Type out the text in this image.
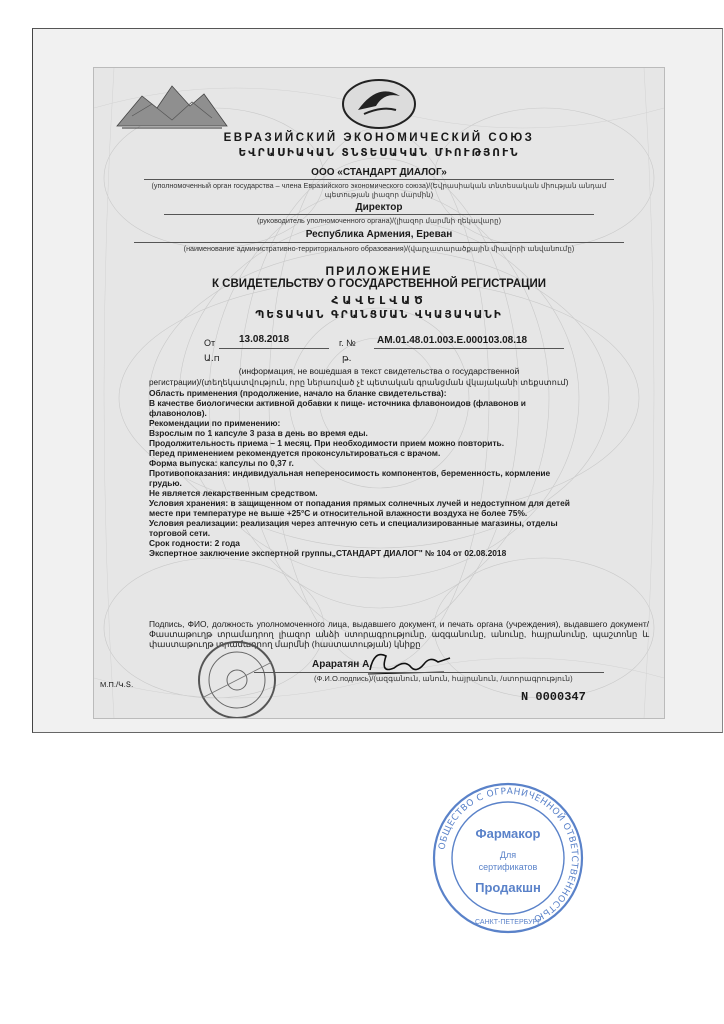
ЕВРАЗИЙСКИЙ ЭКОНОМИЧЕСКИЙ СОЮЗ
ԵՎՐԱՍԻԱԿԱՆ ՏՆՏԵՍԱԿԱՆ ՄԻՈՒԹՅՈՒՆ
ООО «СТАНДАРТ ДИАЛОГ»
(уполномоченный орган государства – члена Евразийского экономического союза)/(Եվրասիական տնտեսական միության անդամ
պետության լիազոր մարմին)
Директор
(руководитель уполномоченного органа)/(լիազոր մարմնի ղեկավարը)
Республика Армения, Ереван
(наименование административно-территориального образования)/(վարչատարածքային միավորի անվանումը)
ПРИЛОЖЕНИЕ
К СВИДЕТЕЛЬСТВУ О ГОСУДАРСТВЕННОЙ РЕГИСТРАЦИИ
ՀԱՎԵԼՎԱԾ
ՊԵՏԱԿԱՆ ԳՐԱՆՑՄԱՆ ՎԿԱՅԱԿԱՆԻ
От 13.08.2018	г. № AM.01.48.01.003.E.000103.08.18
Ա.п	թ.
(информация, не вошедшая в текст свидетельства о государственной
регистрации)/(տեղեկատվություն, որը ներառված չէ պետական գրանցման վկայականի տեքստում)
Область применения (продолжение, начало на бланке свидетельства):
В качестве биологически активной добавки к пище- источника флавоноидов (флавонов и
флавонолов).
Рекомендации по применению:
Взрослым по 1 капсуле 3 раза в день во время еды.
Продолжительность приема – 1 месяц. При необходимости прием можно повторить.
Перед применением рекомендуется проконсультироваться с врачом.
Форма выпуска: капсулы по 0,37 г.
Противопоказания: индивидуальная непереносимость компонентов, беременность, кормление
грудью.
Не является лекарственным средством.
Условия хранения: в защищенном от попадания прямых солнечных лучей и недоступном для детей
месте при температуре не выше +25°С и относительной влажности воздуха не более 75%.
Условия реализации: реализация через аптечную сеть и специализированные магазины, отделы
торговой сети.
Срок годности: 2 года
Экспертное заключение экспертной группы„СТАНДАРТ ДИАЛОГ" № 104 от 02.08.2018
Подпись, ФИО, должность уполномоченного лица, выдавшего документ, и печать органа (учреждения), выдавшего документ/Փաստաթուղթ տրամադրող լիազոր անձի ստորագրությունը, ազգանունը, անունը, հայրանունը, պաշտոնը և փաստաթուղթ տրամադրող մարմնի (հաստատության) կնիքը
Араратян А.
(Ф.И.О.подпись)/(ազգանուն, անուն, հայրանուն, /ստորագրություն)
М.П./Կ.Տ.
N 0000347
ОБЩЕСТВО С ОГРАНИЧЕННОЙ ОТВЕТСТВЕННОСТЬЮ
Фармакор
Для
сертификатов
Продакшн
САНКТ-ПЕТЕРБУРГ
